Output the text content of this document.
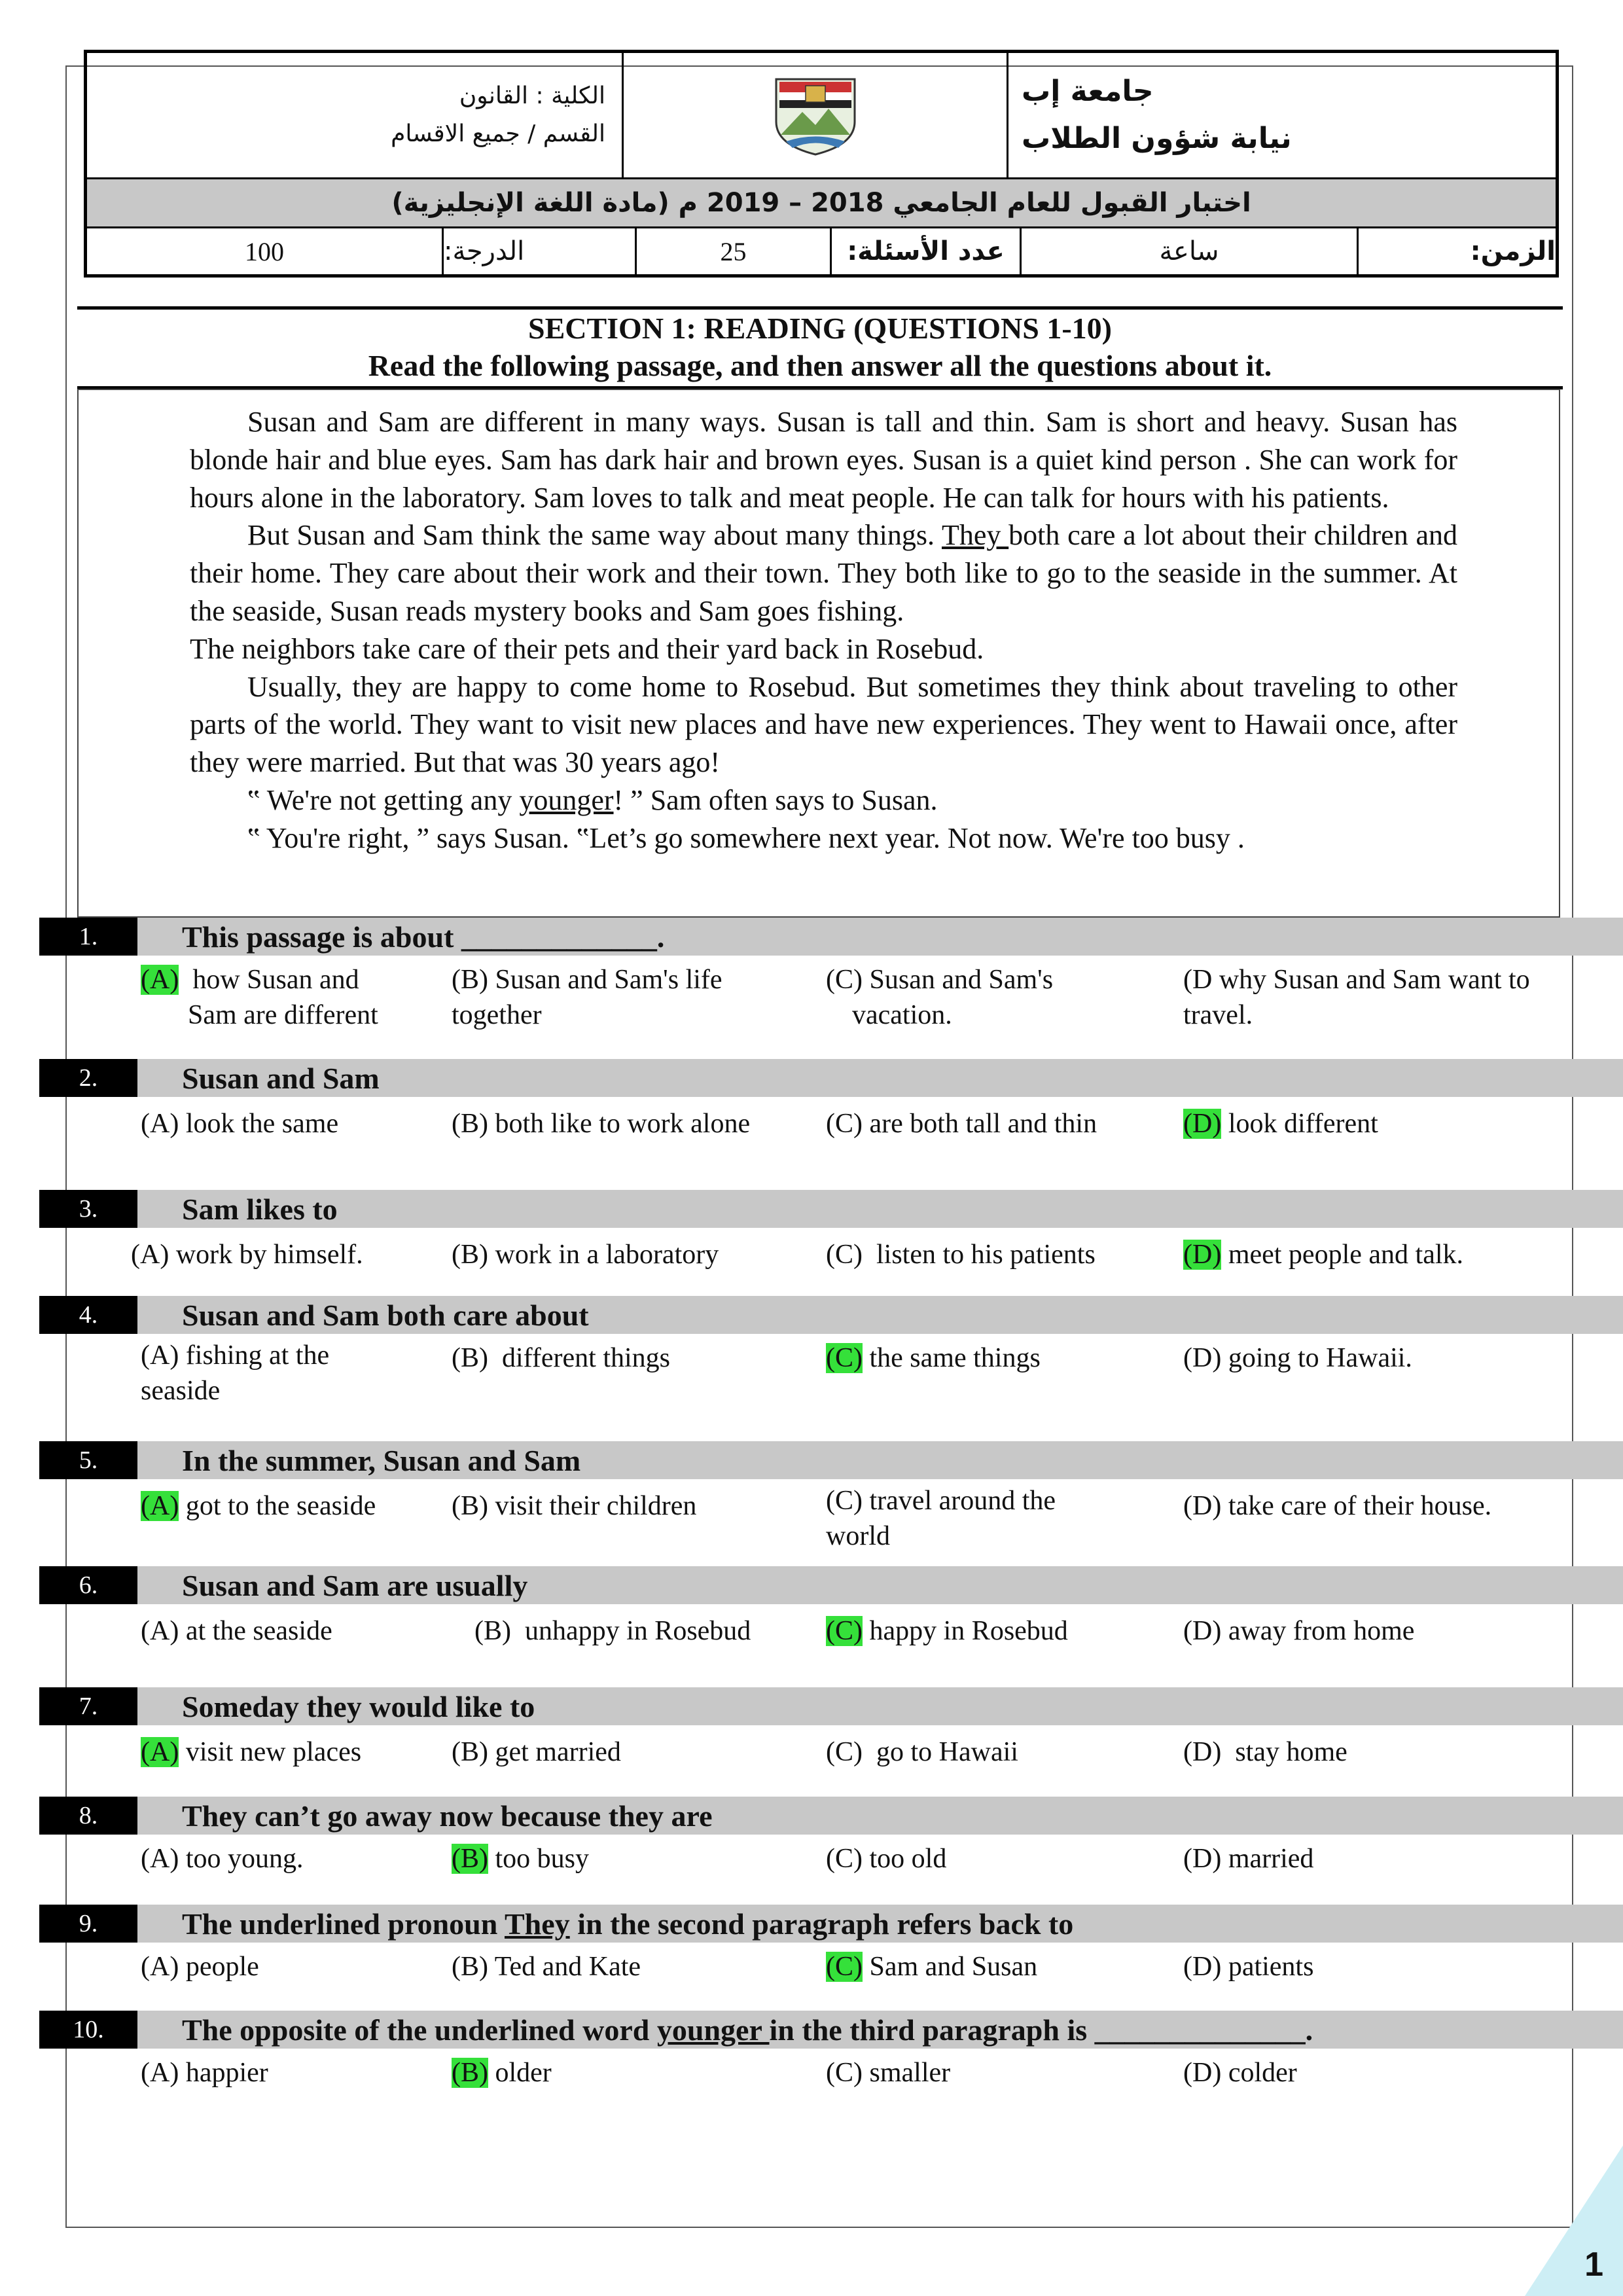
الكلية : القانون
القسم / جميع الاقسام
جامعة إب
نيابة شؤون الطلاب
اختبار القبول للعام الجامعي 2018 – 2019 م (مادة اللغة الإنجليزية)
100	الدرجة:	25	عدد الأسئلة:	ساعة	الزمن:
SECTION 1: READING (QUESTIONS 1-10)
Read the following passage, and then answer all the questions about it.

Susan and Sam are different in many ways. Susan is tall and thin. Sam is short and heavy. Susan has blonde hair and blue eyes. Sam has dark hair and brown eyes. Susan is a quiet kind person . She can work for hours alone in the laboratory. Sam loves to talk and meat people. He can talk for hours with his patients.

But Susan and Sam think the same way about many things. They both care a lot about their children and their home. They care about their work and their town. They both like to go to the seaside in the summer. At the seaside, Susan reads mystery books and Sam goes fishing.

The neighbors take care of their pets and their yard back in Rosebud.

Usually, they are happy to come home to Rosebud. But sometimes they think about traveling to other parts of the world. They want to visit new places and have new experiences. They went to Hawaii once, after they were married. But that was 30 years ago!

‟ We're not getting any younger! ” Sam often says to Susan.

‟ You're right, ” says Susan. ‟Let’s go somewhere next year. Not now. We're too busy .

1.	This passage is about _____________.
(A)  how Susan and
Sam are different
(B) Susan and Sam's life
together
(C) Susan and Sam's
vacation.
(D why Susan and Sam want to
travel.
2.	Susan and Sam
(A) look the same	(B) both like to work alone	(C) are both tall and thin	(D) look different
3.	Sam likes to
(A) work by himself.	(B) work in a laboratory	(C)  listen to his patients	(D) meet people and talk.
4.	Susan and Sam both care about
(A) fishing at the
seaside
(B)  different things	(C) the same things	(D) going to Hawaii.
5.	In the summer, Susan and Sam
(A) got to the seaside	(B) visit their children	(C) travel around the
world
(D) take care of their house.
6.	Susan and Sam are usually
(A) at the seaside	(B)  unhappy in Rosebud	(C) happy in Rosebud	(D) away from home
7.	Someday they would like to
(A) visit new places	(B) get married	(C)  go to Hawaii	(D)  stay home
8.	They can’t go away now because they are
(A) too young.	(B) too busy	(C) too old	(D) married
9.	The underlined pronoun They in the second paragraph refers back to
(A) people	(B) Ted and Kate	(C) Sam and Susan	(D) patients
10.	The opposite of the underlined word younger in the third paragraph is ______________.
(A) happier	(B) older	(C) smaller	(D) colder
1
